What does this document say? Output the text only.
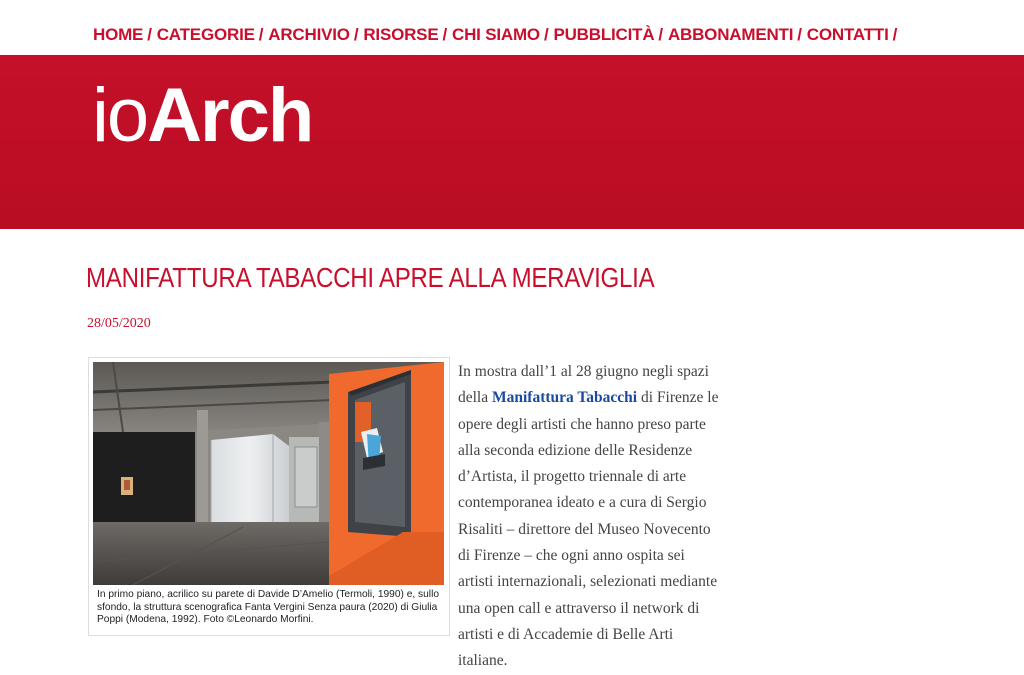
HOME / CATEGORIE / ARCHIVIO / RISORSE / CHI SIAMO / PUBBLICITÀ / ABBONAMENTI / CONTATTI /
ioArch
MANIFATTURA TABACCHI APRE ALLA MERAVIGLIA
28/05/2020
In primo piano, acrilico su parete di Davide D’Amelio (Termoli, 1990) e, sullo sfondo, la struttura scenografica Fanta Vergini Senza paura (2020) di Giulia Poppi (Modena, 1992). Foto ©Leonardo Morfini.
In mostra dall’1 al 28 giugno negli spazi
della Manifattura Tabacchi di Firenze le
opere degli artisti che hanno preso parte
alla seconda edizione delle Residenze
d’Artista, il progetto triennale di arte
contemporanea ideato e a cura di Sergio
Risaliti – direttore del Museo Novecento
di Firenze – che ogni anno ospita sei
artisti internazionali, selezionati mediante
una open call e attraverso il network di
artisti e di Accademie di Belle Arti
italiane.
